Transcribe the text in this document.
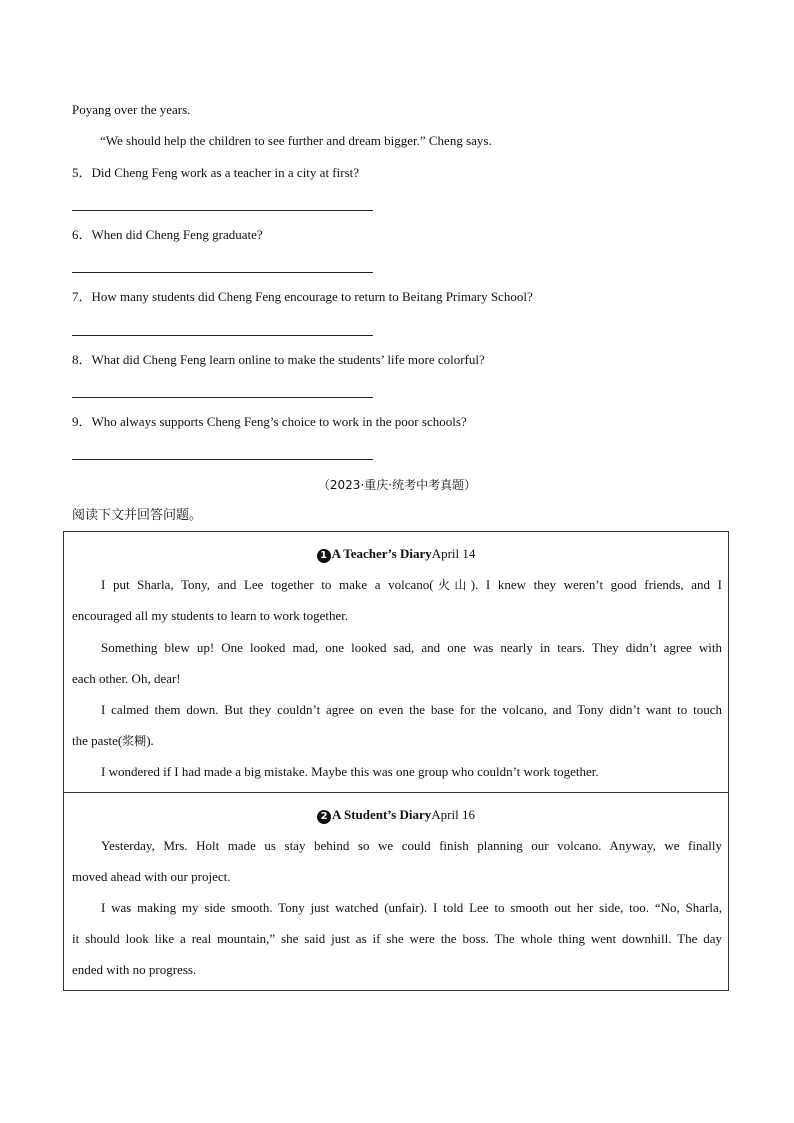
Poyang over the years.
“We should help the children to see further and dream bigger.” Cheng says.
5．Did Cheng Feng work as a teacher in a city at first?
6．When did Cheng Feng graduate?
7．How many students did Cheng Feng encourage to return to Beitang Primary School?
8．What did Cheng Feng learn online to make the students’ life more colorful?
9．Who always supports Cheng Feng’s choice to work in the poor schools?
（2023·重庆·统考中考真题）
阅读下文并回答问题。
1 A Teacher’s DiaryApril 14
I put Sharla, Tony, and Lee together to make a volcano(火山). I knew they weren’t good friends, and I
encouraged all my students to learn to work together.
Something blew up! One looked mad, one looked sad, and one was nearly in tears. They didn’t agree with
each other. Oh, dear!
I calmed them down. But they couldn’t agree on even the base for the volcano, and Tony didn’t want to touch
the paste(浆糊).
I wondered if I had made a big mistake. Maybe this was one group who couldn’t work together.
2 A Student’s DiaryApril 16
Yesterday, Mrs. Holt made us stay behind so we could finish planning our volcano. Anyway, we finally
moved ahead with our project.
I was making my side smooth. Tony just watched (unfair). I told Lee to smooth out her side, too. “No, Sharla,
it should look like a real mountain,” she said just as if she were the boss. The whole thing went downhill. The day
ended with no progress.
